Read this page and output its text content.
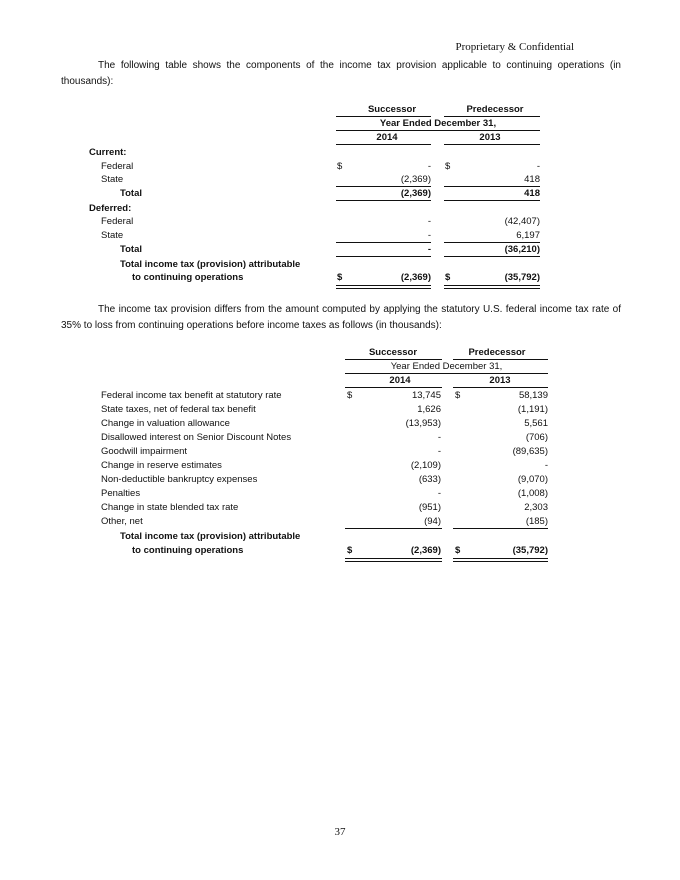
Proprietary & Confidential

The following table shows the components of the income tax provision applicable to continuing operations (in thousands):

Successor	Predecessor
Year Ended December 31,
2014	2013
Current:
Federal	$	- $	-
State	(2,369)	418
Total	(2,369)	418
Deferred:
Federal	-	(42,407)
State	-	6,197
Total	-	(36,210)
Total income tax (provision) attributable
to continuing operations	$	(2,369) $	(35,792)

The income tax provision differs from the amount computed by applying the statutory U.S. federal income tax rate of 35% to loss from continuing operations before income taxes as follows (in thousands):

Successor	Predecessor
Year Ended December 31,
2014	2013
Federal income tax benefit at statutory rate	$	13,745 $	58,139
State taxes, net of federal tax benefit	1,626	(1,191)
Change in valuation allowance	(13,953)	5,561
Disallowed interest on Senior Discount Notes	-	(706)
Goodwill impairment	-	(89,635)
Change in reserve estimates	(2,109)	-
Non-deductible bankruptcy expenses	(633)	(9,070)
Penalties	-	(1,008)
Change in state blended tax rate	(951)	2,303
Other, net	(94)	(185)
Total income tax (provision) attributable
to continuing operations	$	(2,369) $	(35,792)
37
